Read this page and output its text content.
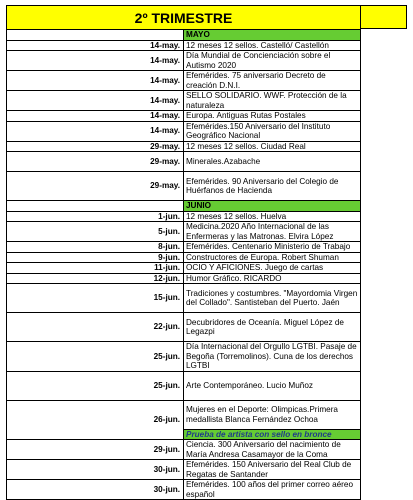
2º TRIMESTRE	
	MAYO
14-may.	12 meses 12 sellos. Castelló/ Castellón
14-may.	Día Mundial de Concienciación sobre el Autismo 2020
14-may.	Efemérides. 75 aniversario Decreto de creación D.N.I.
14-may.	SELLO SOLIDARIO. WWF. Protección de la naturaleza
14-may.	Europa. Antiguas Rutas Postales
14-may.	Efemérides.150 Aniversario del Instituto Geográfico Nacional
29-may.	12 meses 12 sellos. Ciudad Real
29-may.	Minerales.Azabache
29-may.	Efemérides. 90 Aniversario del Colegio de Huérfanos de Hacienda
	JUNIO
1-jun.	12 meses 12 sellos. Huelva
5-jun.	Medicina.2020 Año Internacional de las Enfermeras y las Matronas. Elvira López
8-jun.	Efemérides. Centenario Ministerio de Trabajo
9-jun.	Constructores de Europa. Robert Shuman
11-jun.	OCIO Y AFICIONES. Juego de cartas
12-jun.	Humor Gráfico. RICARDO
15-jun.	Tradiciones y costumbres. "Mayordomia Virgen del Collado". Santisteban del Puerto. Jaén
22-jun.	Decubridores de Oceanía. Miguel López de Legazpi
25-jun.	Día Internacional del Orgullo LGTBI. Pasaje de Begoña (Torremolinos). Cuna de los derechos LGTBI
25-jun.	Arte Contemporáneo. Lucio Muñoz
26-jun.	Mujeres en el Deporte: Olimpicas.Primera medallista Blanca Fernández Ochoa
	Prueba de artista con sello en bronce
29-jun.	Ciencia. 300 Aniversario del nacimiento de María Andresa Casamayor de la Coma
30-jun.	Efemérides. 150 Aniversario del Real Club de Regatas de Santander
30-jun.	Efemérides. 100 años del primer correo aéreo español
